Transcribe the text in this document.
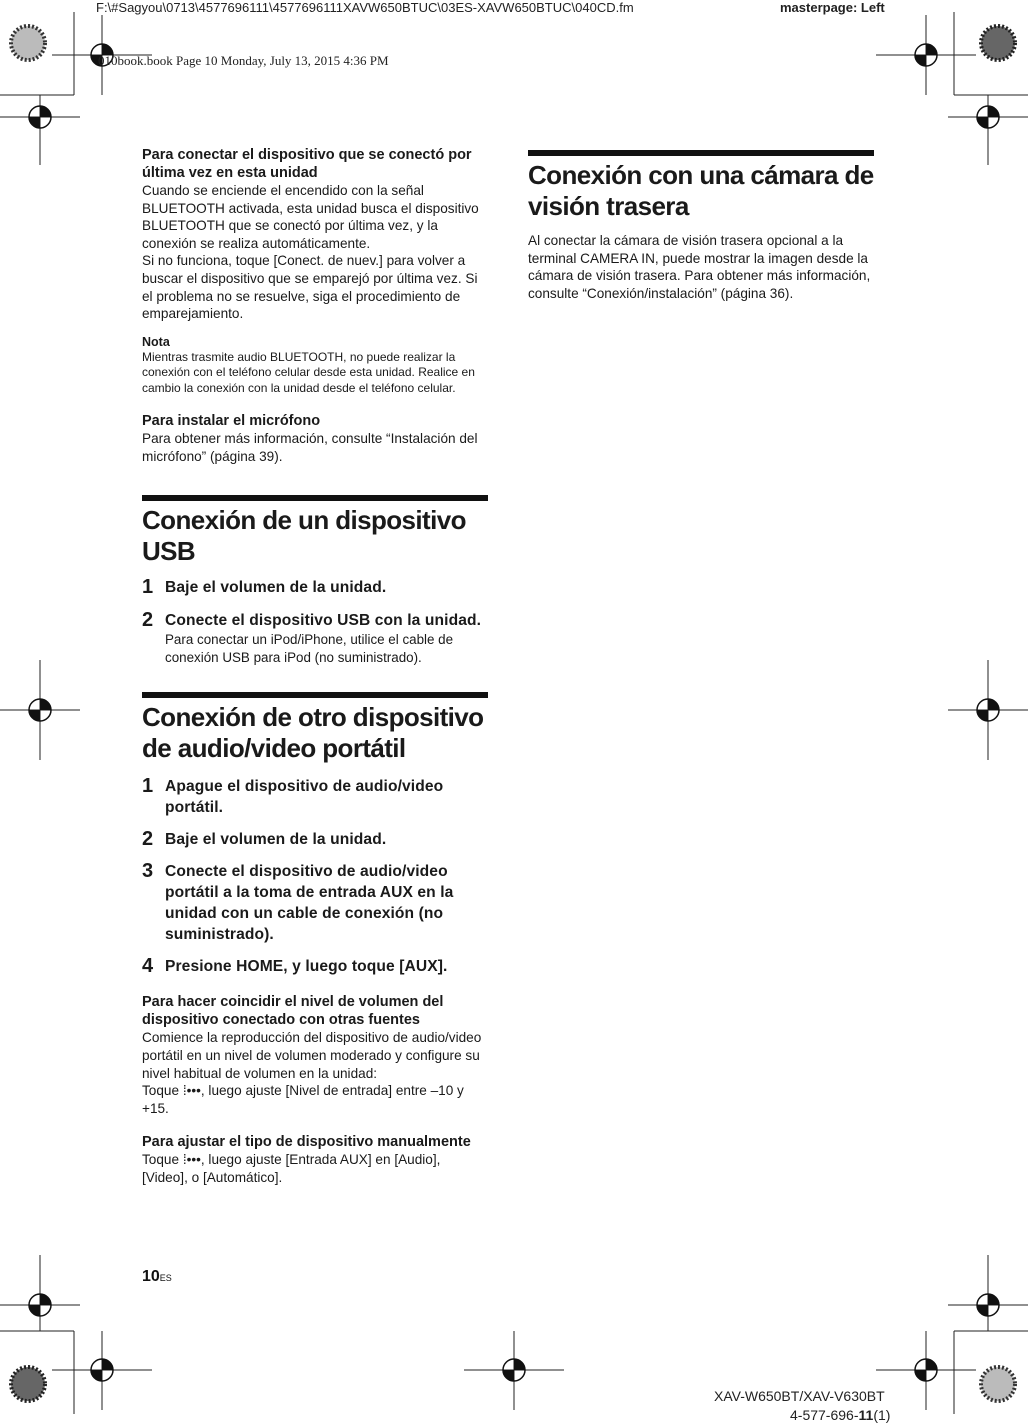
F:\#Sagyou\0713\4577696111\4577696111XAVW650BTUC\03ES-XAVW650BTUC\040CD.fm	masterpage: Left
010book.book Page 10 Monday, July 13, 2015 4:36 PM

Para conectar el dispositivo que se conectó por última vez en esta unidad

Cuando se enciende el encendido con la señal BLUETOOTH activada, esta unidad busca el dispositivo BLUETOOTH que se conectó por última vez, y la conexión se realiza automáticamente.

Si no funciona, toque [Conect. de nuev.] para volver a buscar el dispositivo que se emparejó por última vez. Si el problema no se resuelve, siga el procedimiento de emparejamiento.

Nota

Mientras trasmite audio BLUETOOTH, no puede realizar la conexión con el teléfono celular desde esta unidad. Realice en cambio la conexión con la unidad desde el teléfono celular.

Para instalar el micrófono

Para obtener más información, consulte “Instalación del micrófono” (página 39).

Conexión de un dispositivo USB

1 Baje el volumen de la unidad.

2 Conecte el dispositivo USB con la unidad.

Para conectar un iPod/iPhone, utilice el cable de conexión USB para iPod (no suministrado).

Conexión de otro dispositivo de audio/video portátil

1 Apague el dispositivo de audio/video portátil.

2 Baje el volumen de la unidad.

3 Conecte el dispositivo de audio/video portátil a la toma de entrada AUX en la unidad con un cable de conexión (no suministrado).

4 Presione HOME, y luego toque [AUX].

Para hacer coincidir el nivel de volumen del dispositivo conectado con otras fuentes

Comience la reproducción del dispositivo de audio/video portátil en un nivel de volumen moderado y configure su nivel habitual de volumen en la unidad:

Toque ⁞•••, luego ajuste [Nivel de entrada] entre –10 y +15.

Para ajustar el tipo de dispositivo manualmente

Toque ⁞•••, luego ajuste [Entrada AUX] en [Audio], [Video], o [Automático].

Conexión con una cámara de visión trasera

Al conectar la cámara de visión trasera opcional a la terminal CAMERA IN, puede mostrar la imagen desde la cámara de visión trasera. Para obtener más información, consulte “Conexión/instalación” (página 36).

10ES
XAV-W650BT/XAV-V630BT
4-577-696-11(1)
